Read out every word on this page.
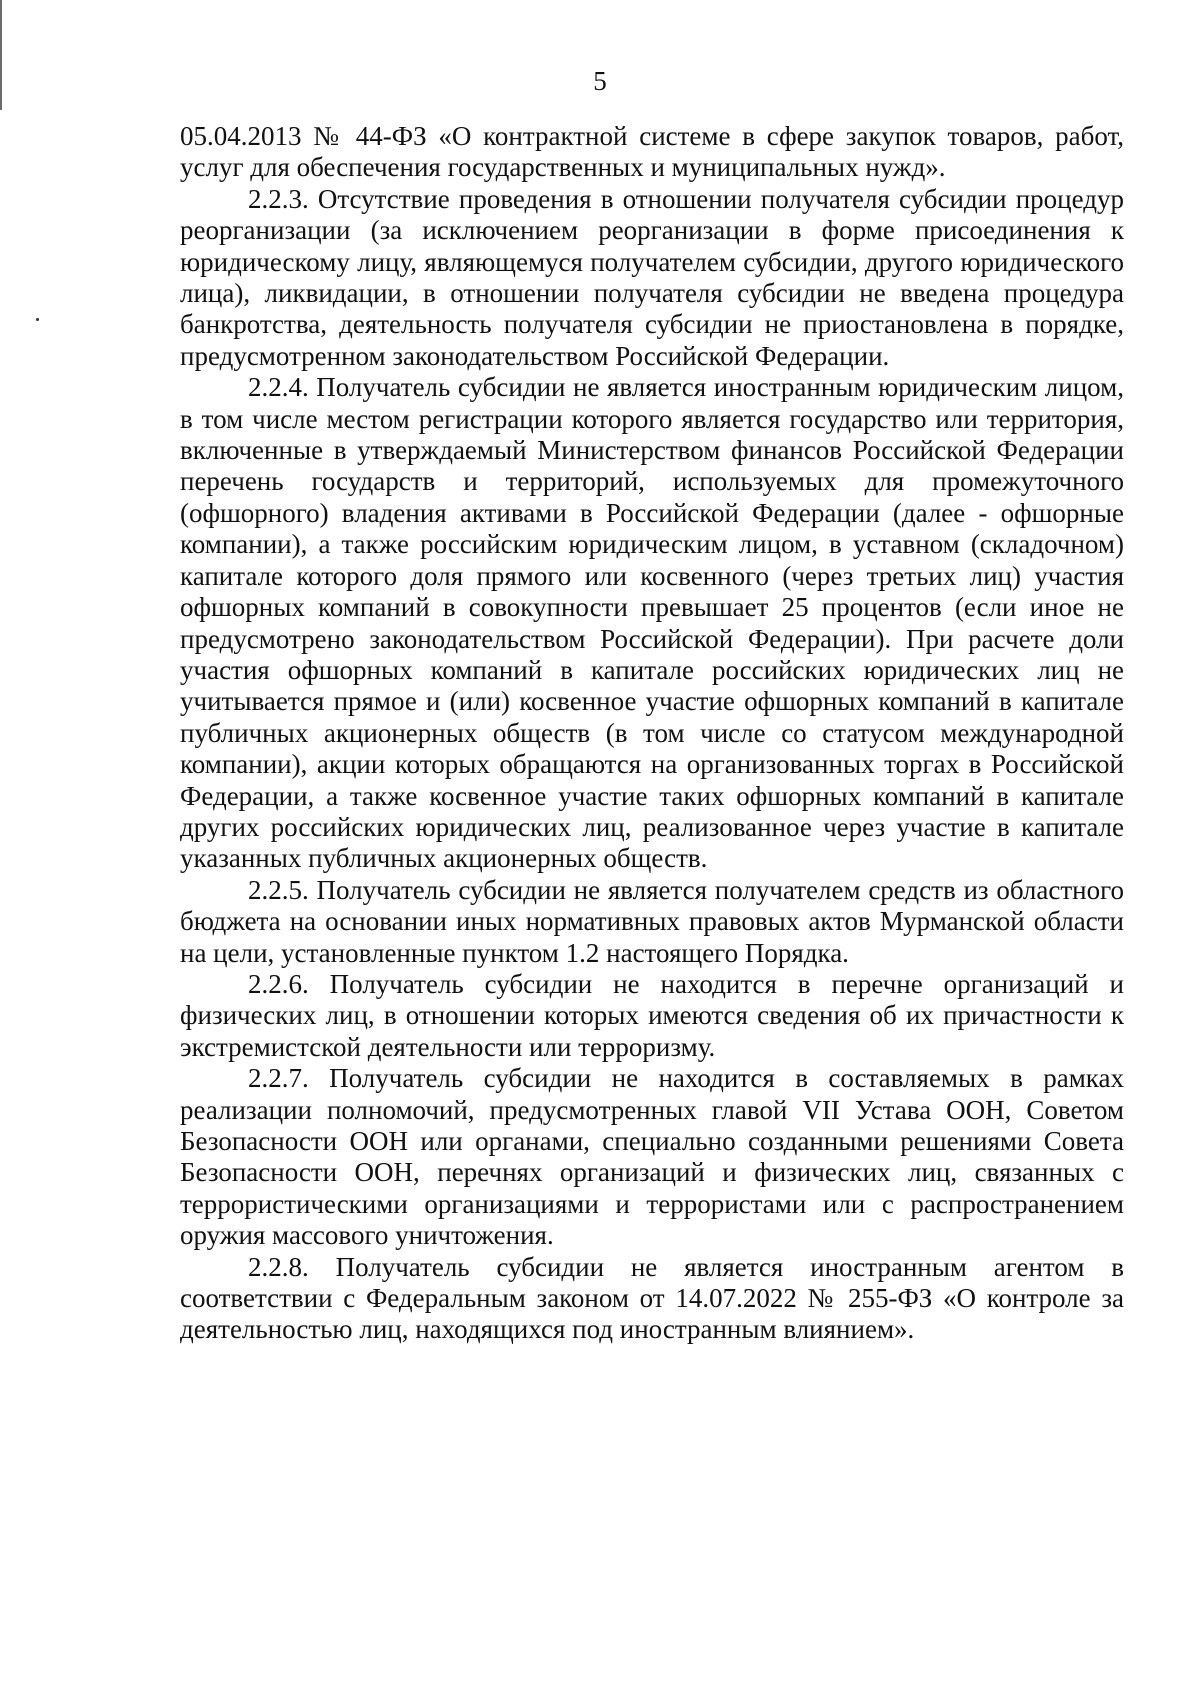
5

05.04.2013 № 44-ФЗ «О контрактной системе в сфере закупок товаров, работ, услуг для обеспечения государственных и муниципальных нужд».

2.2.3. Отсутствие проведения в отношении получателя субсидии процедур реорганизации (за исключением реорганизации в форме присоединения к юридическому лицу, являющемуся получателем субсидии, другого юридического лица), ликвидации, в отношении получателя субсидии не введена процедура банкротства, деятельность получателя субсидии не приостановлена в порядке, предусмотренном законодательством Российской Федерации.

2.2.4. Получатель субсидии не является иностранным юридическим лицом, в том числе местом регистрации которого является государство или территория, включенные в утверждаемый Министерством финансов Российской Федерации перечень государств и территорий, используемых для промежуточного (офшорного) владения активами в Российской Федерации (далее - офшорные компании), а также российским юридическим лицом, в уставном (складочном) капитале которого доля прямого или косвенного (через третьих лиц) участия офшорных компаний в совокупности превышает 25 процентов (если иное не предусмотрено законодательством Российской Федерации). При расчете доли участия офшорных компаний в капитале российских юридических лиц не учитывается прямое и (или) косвенное участие офшорных компаний в капитале публичных акционерных обществ (в том числе со статусом международной компании), акции которых обращаются на организованных торгах в Российской Федерации, а также косвенное участие таких офшорных компаний в капитале других российских юридических лиц, реализованное через участие в капитале указанных публичных акционерных обществ.

2.2.5. Получатель субсидии не является получателем средств из областного бюджета на основании иных нормативных правовых актов Мурманской области на цели, установленные пунктом 1.2 настоящего Порядка.

2.2.6. Получатель субсидии не находится в перечне организаций и физических лиц, в отношении которых имеются сведения об их причастности к экстремистской деятельности или терроризму.

2.2.7. Получатель субсидии не находится в составляемых в рамках реализации полномочий, предусмотренных главой VII Устава ООН, Советом Безопасности ООН или органами, специально созданными решениями Совета Безопасности ООН, перечнях организаций и физических лиц, связанных с террористическими организациями и террористами или с распространением оружия массового уничтожения.

2.2.8. Получатель субсидии не является иностранным агентом в соответствии с Федеральным законом от 14.07.2022 № 255-ФЗ «О контроле за деятельностью лиц, находящихся под иностранным влиянием».
